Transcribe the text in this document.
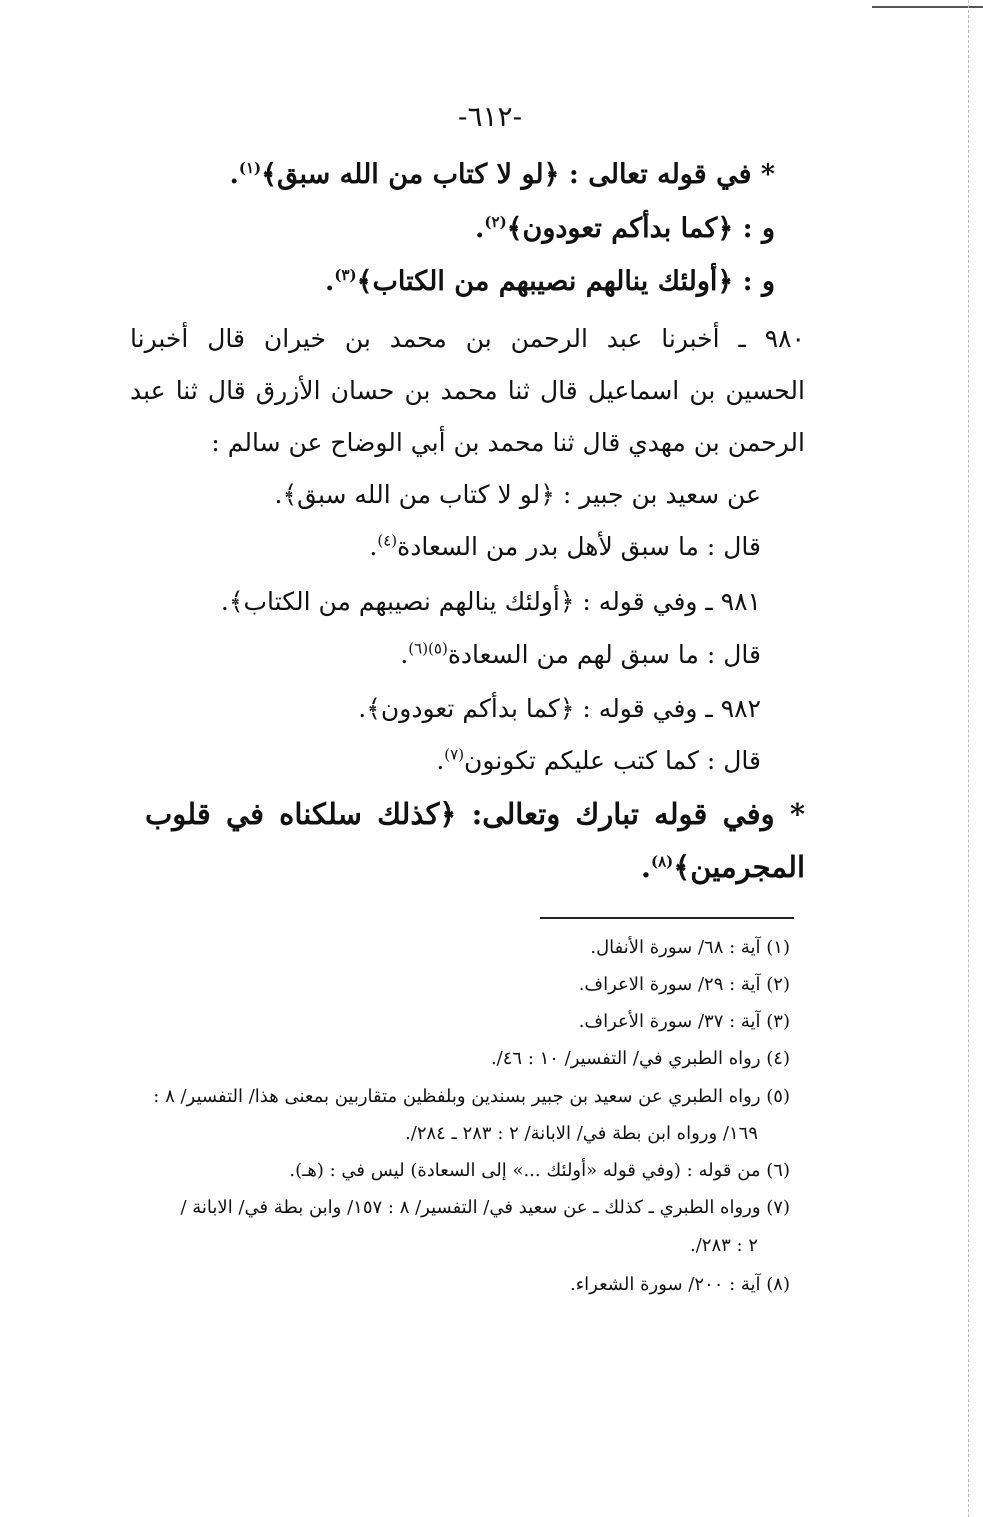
-٦١٢-
* في قوله تعالى : ﴿لو لا كتاب من الله سبق﴾$^{(١)}$.
و : ﴿كما بدأكم تعودون﴾$^{(٢)}$.
و : ﴿أولئك ينالهم نصيبهم من الكتاب﴾$^{(٣)}$.
٩٨٠ ـ أخبرنا عبد الرحمن بن محمد بن خيران قال أخبرنا
الحسين بن اسماعيل قال ثنا محمد بن حسان الأزرق قال ثنا عبد
الرحمن بن مهدي قال ثنا محمد بن أبي الوضاح عن سالم :
عن سعيد بن جبير : ﴿لو لا كتاب من الله سبق﴾.
قال : ما سبق لأهل بدر من السعادة$^{(٤)}$.
٩٨١ ـ وفي قوله : ﴿أولئك ينالهم نصيبهم من الكتاب﴾.
قال : ما سبق لهم من السعادة$^{(٥)(٦)}$.
٩٨٢ ـ وفي قوله : ﴿كما بدأكم تعودون﴾.
قال : كما كتب عليكم تكونون$^{(٧)}$.
* وفي قوله تبارك وتعالى: ﴿كذلك سلكناه في قلوب
المجرمين﴾$^{(٨)}$.
(١) آية : ٦٨/ سورة الأنفال.
(٢) آية : ٢٩/ سورة الاعراف.
(٣) آية : ٣٧/ سورة الأعراف.
(٤) رواه الطبري في/ التفسير/ ١٠ : ٤٦/.
(٥) رواه الطبري عن سعيد بن جبير بسندين وبلفظين متقاربين بمعنى هذا/ التفسير/ ٨ :
١٦٩/ ورواه ابن بطة في/ الابانة/ ٢ : ٢٨٣ ـ ٢٨٤/.
(٦) من قوله : (وفي قوله «أولئك ...» إلى السعادة) ليس في : (هـ).
(٧) ورواه الطبري ـ كذلك ـ عن سعيد في/ التفسير/ ٨ : ١٥٧/ وابن بطة في/ الابانة /
٢ : ٢٨٣/.
(٨) آية : ٢٠٠/ سورة الشعراء.
